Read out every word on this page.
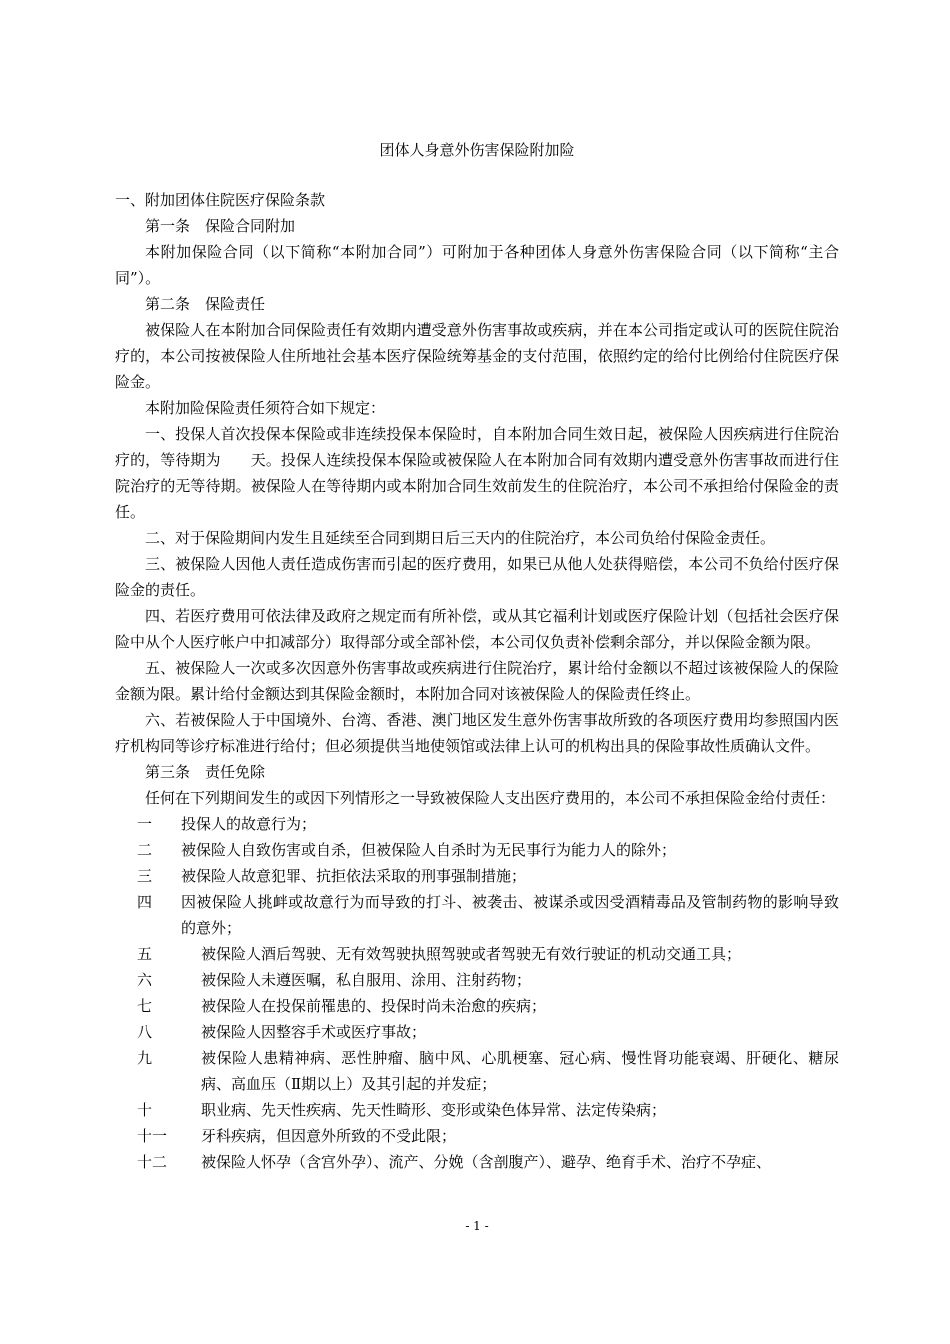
团体人身意外伤害保险附加险

一、附加团体住院医疗保险条款

第一条　保险合同附加

本附加保险合同（以下简称“本附加合同”）可附加于各种团体人身意外伤害保险合同（以下简称“主合同”）。

第二条　保险责任

被保险人在本附加合同保险责任有效期内遭受意外伤害事故或疾病，并在本公司指定或认可的医院住院治疗的，本公司按被保险人住所地社会基本医疗保险统筹基金的支付范围，依照约定的给付比例给付住院医疗保险金。

本附加险保险责任须符合如下规定：

一、投保人首次投保本保险或非连续投保本保险时，自本附加合同生效日起，被保险人因疾病进行住院治疗的，等待期为　　天。投保人连续投保本保险或被保险人在本附加合同有效期内遭受意外伤害事故而进行住院治疗的无等待期。被保险人在等待期内或本附加合同生效前发生的住院治疗，本公司不承担给付保险金的责任。

二、对于保险期间内发生且延续至合同到期日后三天内的住院治疗，本公司负给付保险金责任。

三、被保险人因他人责任造成伤害而引起的医疗费用，如果已从他人处获得赔偿，本公司不负给付医疗保险金的责任。

四、若医疗费用可依法律及政府之规定而有所补偿，或从其它福利计划或医疗保险计划（包括社会医疗保险中从个人医疗帐户中扣减部分）取得部分或全部补偿，本公司仅负责补偿剩余部分，并以保险金额为限。

五、被保险人一次或多次因意外伤害事故或疾病进行住院治疗，累计给付金额以不超过该被保险人的保险金额为限。累计给付金额达到其保险金额时，本附加合同对该被保险人的保险责任终止。

六、若被保险人于中国境外、台湾、香港、澳门地区发生意外伤害事故所致的各项医疗费用均参照国内医疗机构同等诊疗标准进行给付；但必须提供当地使领馆或法律上认可的机构出具的保险事故性质确认文件。

第三条　责任免除

任何在下列期间发生的或因下列情形之一导致被保险人支出医疗费用的，本公司不承担保险金给付责任：

一	投保人的故意行为；
二	被保险人自致伤害或自杀，但被保险人自杀时为无民事行为能力人的除外；
三	被保险人故意犯罪、抗拒依法采取的刑事强制措施；
四	因被保险人挑衅或故意行为而导致的打斗、被袭击、被谋杀或因受酒精毒品及管制药物的影响导致的意外；
五	被保险人酒后驾驶、无有效驾驶执照驾驶或者驾驶无有效行驶证的机动交通工具；
六	被保险人未遵医嘱，私自服用、涂用、注射药物；
七	被保险人在投保前罹患的、投保时尚未治愈的疾病；
八	被保险人因整容手术或医疗事故；
九	被保险人患精神病、恶性肿瘤、脑中风、心肌梗塞、冠心病、慢性肾功能衰竭、肝硬化、糖尿病、高血压（Ⅱ期以上）及其引起的并发症；
十	职业病、先天性疾病、先天性畸形、变形或染色体异常、法定传染病；
十一	牙科疾病，但因意外所致的不受此限；
十二	被保险人怀孕（含宫外孕）、流产、分娩（含剖腹产）、避孕、绝育手术、治疗不孕症、
- 1 -
